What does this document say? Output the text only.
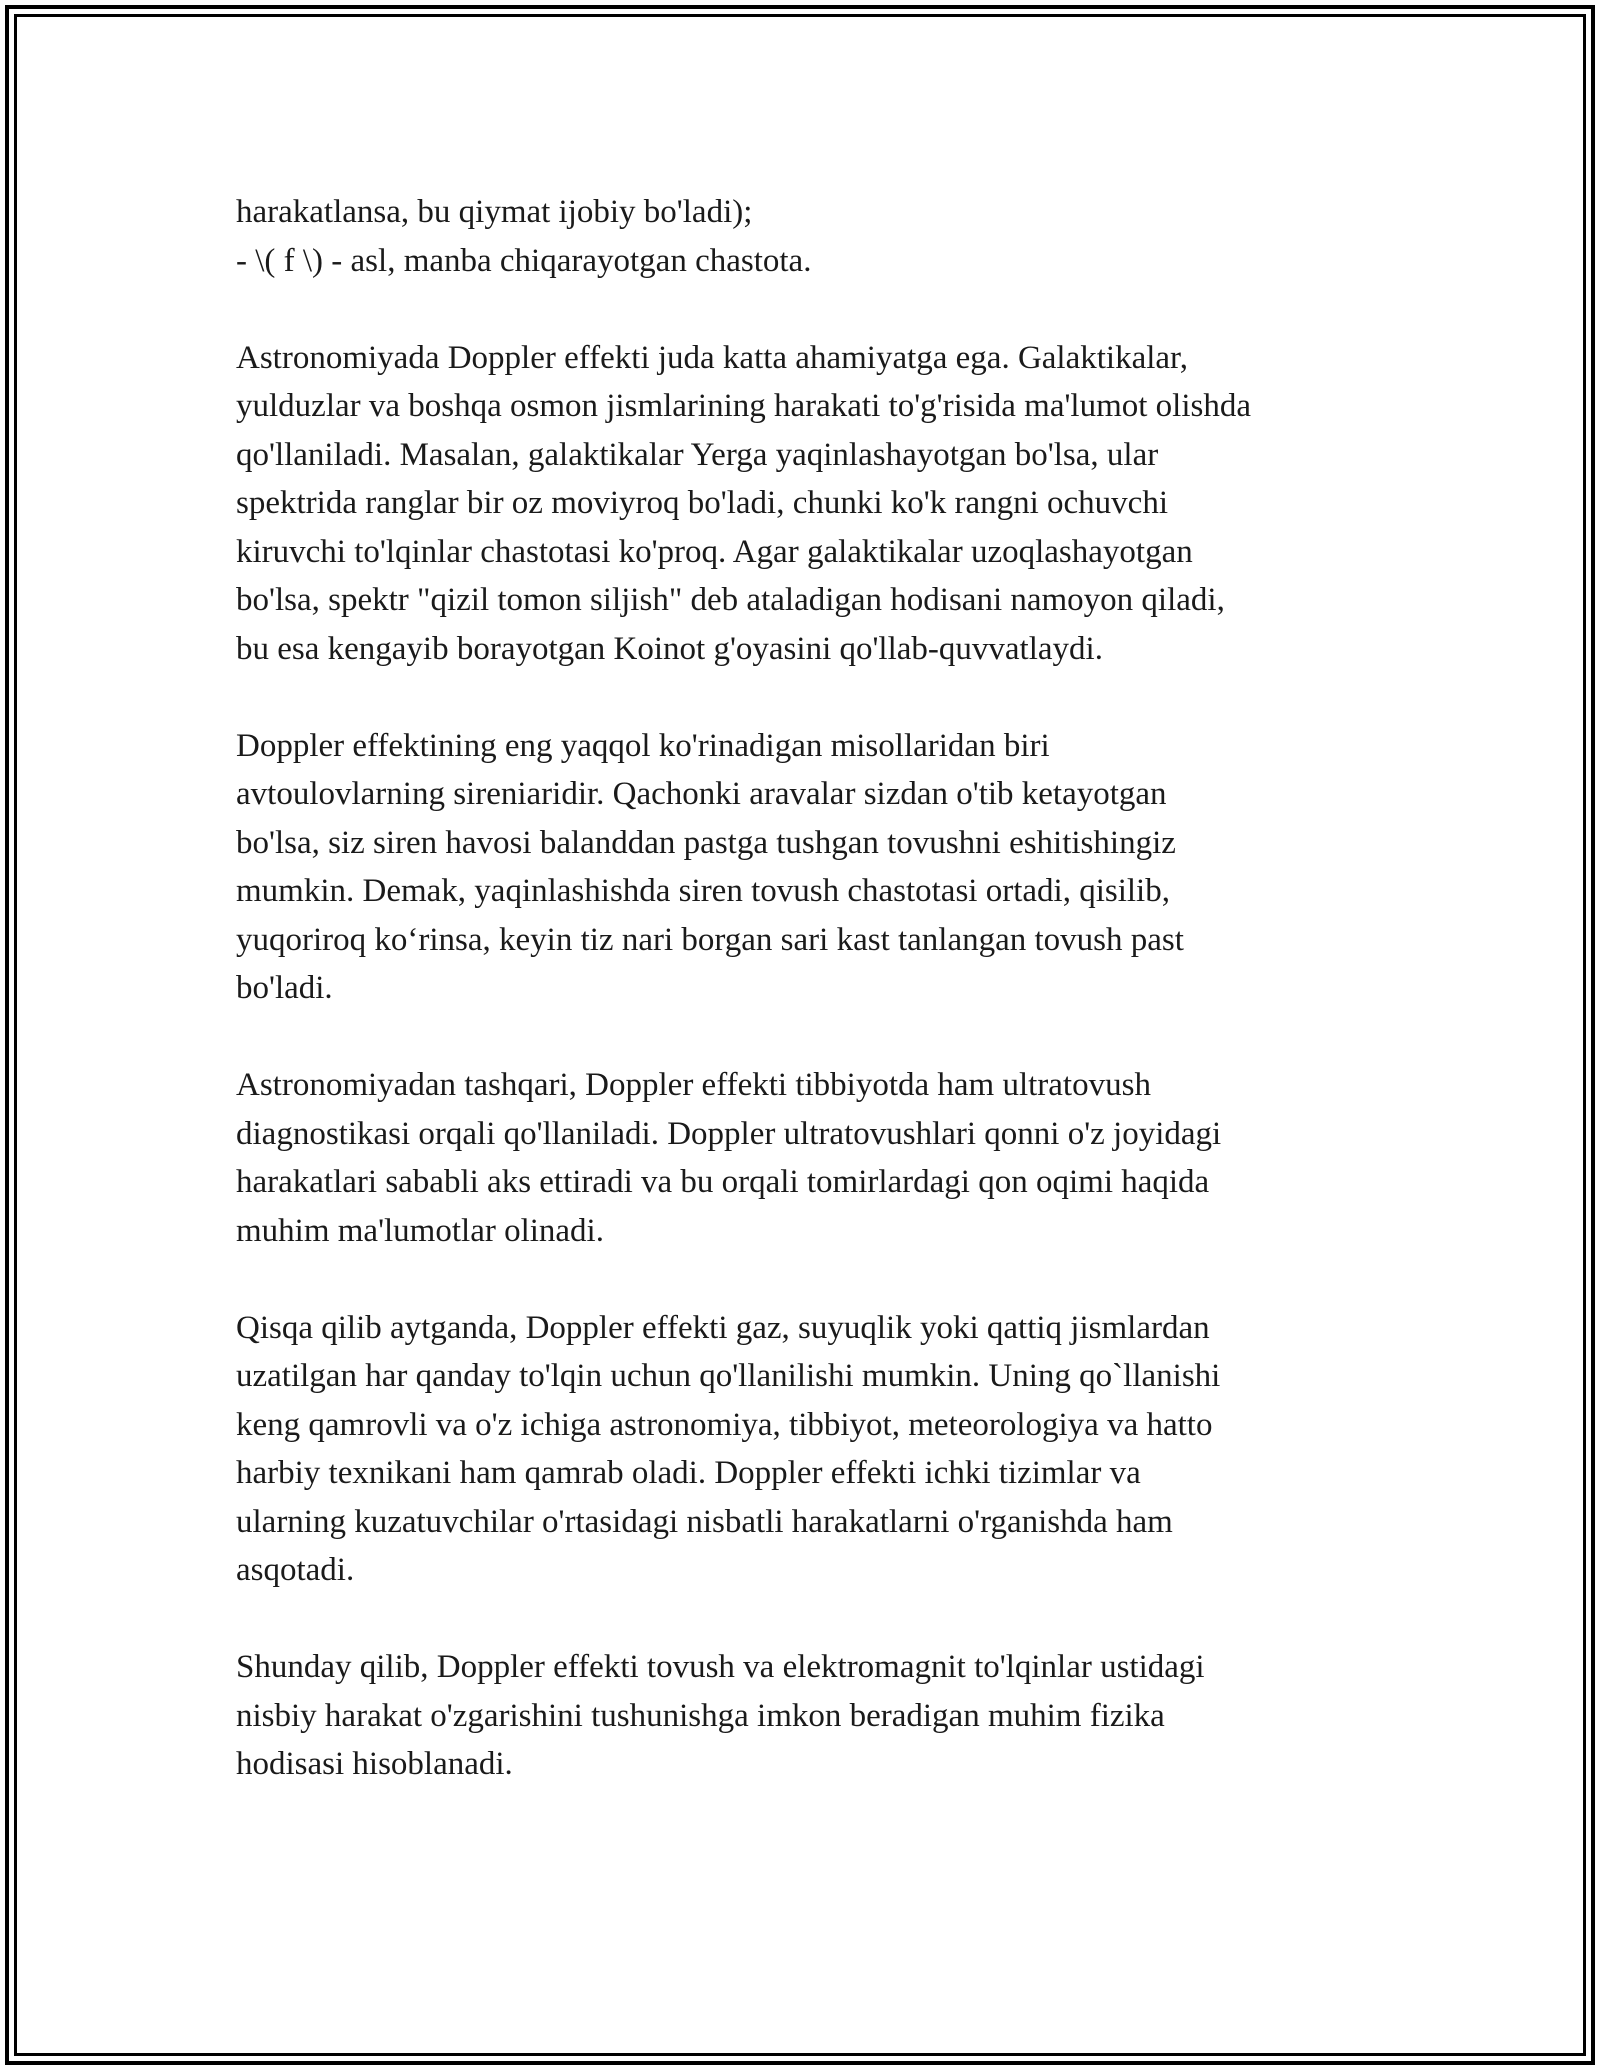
harakatlansa, bu qiymat ijobiy bo'ladi);

- \( f \) - asl, manba chiqarayotgan chastota.

Astronomiyada Doppler effekti juda katta ahamiyatga ega. Galaktikalar,

yulduzlar va boshqa osmon jismlarining harakati to'g'risida ma'lumot olishda

qo'llaniladi. Masalan, galaktikalar Yerga yaqinlashayotgan bo'lsa, ular

spektrida ranglar bir oz moviyroq bo'ladi, chunki ko'k rangni ochuvchi

kiruvchi to'lqinlar chastotasi ko'proq. Agar galaktikalar uzoqlashayotgan

bo'lsa, spektr "qizil tomon siljish" deb ataladigan hodisani namoyon qiladi,

bu esa kengayib borayotgan Koinot g'oyasini qo'llab-quvvatlaydi.

Doppler effektining eng yaqqol ko'rinadigan misollaridan biri

avtoulovlarning sireniaridir. Qachonki aravalar sizdan o'tib ketayotgan

bo'lsa, siz siren havosi balanddan pastga tushgan tovushni eshitishingiz

mumkin. Demak, yaqinlashishda siren tovush chastotasi ortadi, qisilib,

yuqoriroq ko‘rinsa, keyin tiz nari borgan sari kast tanlangan tovush past

bo'ladi.

Astronomiyadan tashqari, Doppler effekti tibbiyotda ham ultratovush

diagnostikasi orqali qo'llaniladi. Doppler ultratovushlari qonni o'z joyidagi

harakatlari sababli aks ettiradi va bu orqali tomirlardagi qon oqimi haqida

muhim ma'lumotlar olinadi.

Qisqa qilib aytganda, Doppler effekti gaz, suyuqlik yoki qattiq jismlardan

uzatilgan har qanday to'lqin uchun qo'llanilishi mumkin. Uning qo`llanishi

keng qamrovli va o'z ichiga astronomiya, tibbiyot, meteorologiya va hatto

harbiy texnikani ham qamrab oladi. Doppler effekti ichki tizimlar va

ularning kuzatuvchilar o'rtasidagi nisbatli harakatlarni o'rganishda ham

asqotadi.

Shunday qilib, Doppler effekti tovush va elektromagnit to'lqinlar ustidagi

nisbiy harakat o'zgarishini tushunishga imkon beradigan muhim fizika

hodisasi hisoblanadi.
